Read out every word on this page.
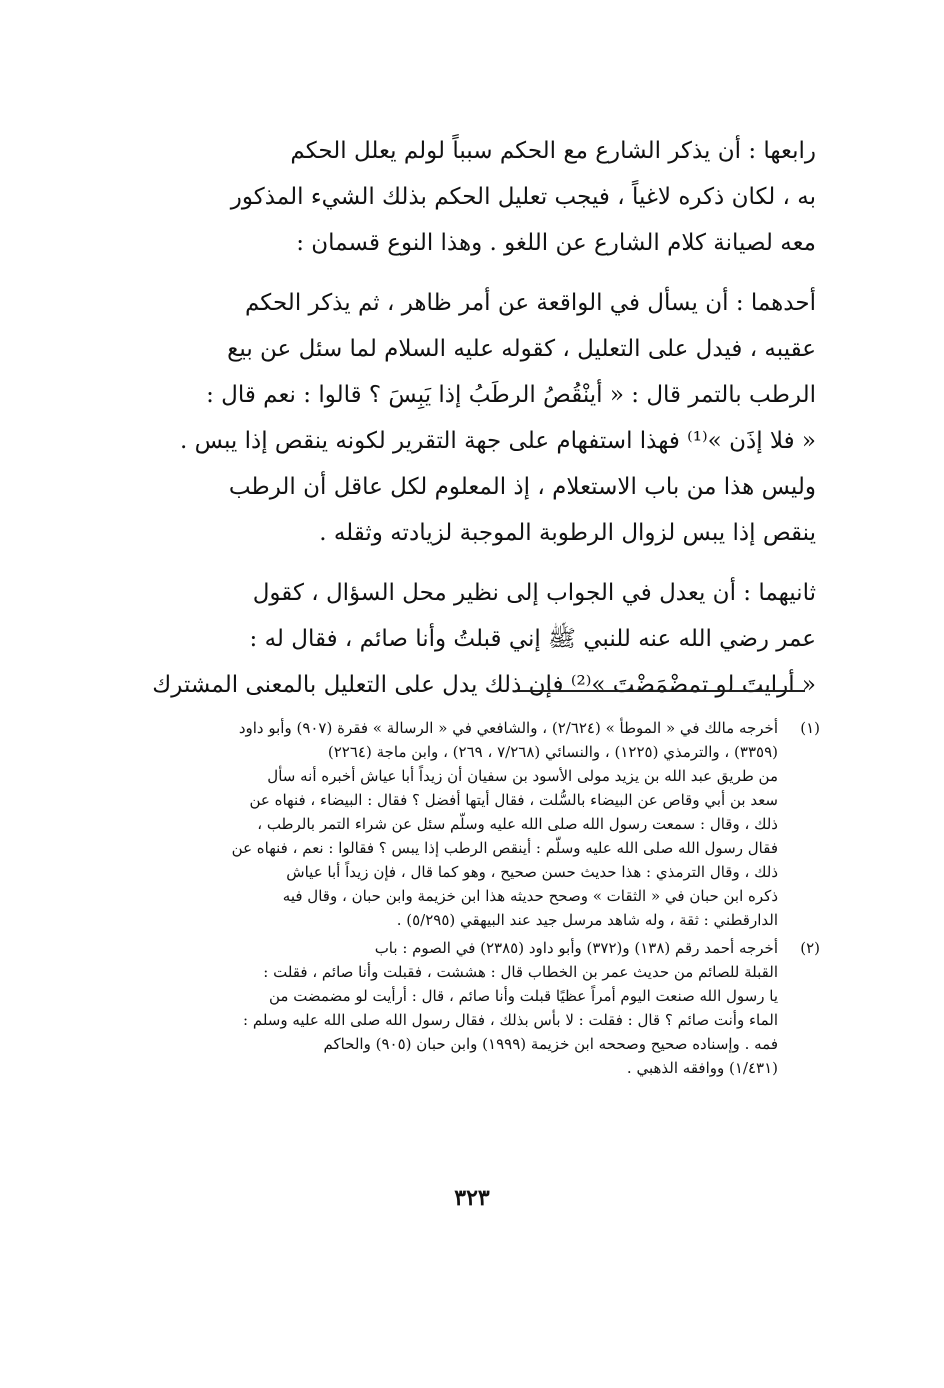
رابعها : أن يذكر الشارع مع الحكم سبباً لولم يعلل الحكم
به ، لكان ذكره لاغياً ، فيجب تعليل الحكم بذلك الشيء المذكور
معه لصيانة كلام الشارع عن اللغو . وهذا النوع قسمان :

أحدهما : أن يسأل في الواقعة عن أمر ظاهر ، ثم يذكر الحكم
عقيبه ، فيدل على التعليل ، كقوله عليه السلام لما سئل عن بيع
الرطب بالتمر قال : « أينْقُصُ الرطَبُ إذا يَبِسَ ؟ قالوا : نعم قال :
« فلا إذَن »⁽¹⁾ فهذا استفهام على جهة التقرير لكونه ينقص إذا يبس .
وليس هذا من باب الاستعلام ، إذ المعلوم لكل عاقل أن الرطب
ينقص إذا يبس لزوال الرطوبة الموجبة لزيادته وثقله .

ثانيهما : أن يعدل في الجواب إلى نظير محل السؤال ، كقول
عمر رضي الله عنه للنبي ﷺ إني قبلتُ وأنا صائم ، فقال له :
« أرايتَ لو تمضْمَضْتَ »⁽²⁾ فإن ذلك يدل على التعليل بالمعنى المشترك

(١)
أخرجه مالك في « الموطأ » (٢/٦٢٤) ، والشافعي في « الرسالة » فقرة (٩٠٧) وأبو داود
(٣٣٥٩) ، والترمذي (١٢٢٥) ، والنسائي (٧/٢٦٨ ، ٢٦٩) ، وابن ماجة (٢٢٦٤)
من طريق عبد الله بن يزيد مولى الأسود بن سفيان أن زيداً أبا عياش أخبره أنه سأل
سعد بن أبي وقاص عن البيضاء بالسُّلت ، فقال أيتها أفضل ؟ فقال : البيضاء ، فنهاه عن
ذلك ، وقال : سمعت رسول الله صلى الله عليه وسلّم سئل عن شراء التمر بالرطب ،
فقال رسول الله صلى الله عليه وسلّم : أينقص الرطب إذا يبس ؟ فقالوا : نعم ، فنهاه عن
ذلك ، وقال الترمذي : هذا حديث حسن صحيح ، وهو كما قال ، فإن زيداً أبا عياش
ذكره ابن حبان في « الثقات » وصحح حديثه هذا ابن خزيمة وابن حبان ، وقال فيه
الدارقطني : ثقة ، وله شاهد مرسل جيد عند البيهقي (٥/٢٩٥) .
(٢)
أخرجه أحمد رقم (١٣٨) و(٣٧٢) وأبو داود (٢٣٨٥) في الصوم : باب
القبلة للصائم من حديث عمر بن الخطاب قال : هششت ، فقبلت وأنا صائم ، فقلت :
يا رسول الله صنعت اليوم أمراً عظيًا قبلت وأنا صائم ، قال : أرأيت لو مضمضت من
الماء وأنت صائم ؟ قال : فقلت : لا بأس بذلك ، فقال رسول الله صلى الله عليه وسلم :
فمه . وإسناده صحيح وصححه ابن خزيمة (١٩٩٩) وابن حبان (٩٠٥) والحاكم
(١/٤٣١) ووافقه الذهبي .
٣٢٣
